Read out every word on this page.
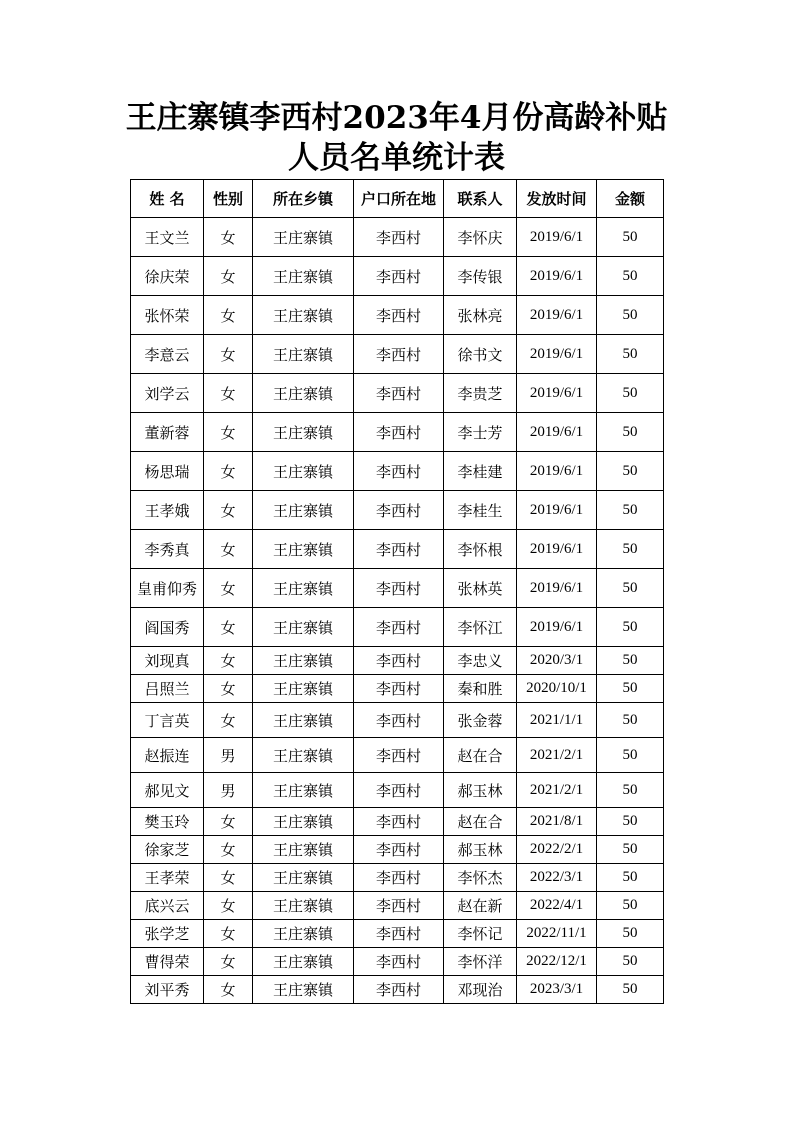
王庄寨镇李西村2023年4月份高龄补贴
人员名单统计表
姓 名	性别	所在乡镇	户口所在地	联系人	发放时间	金额
王文兰	女	王庄寨镇	李西村	李怀庆	2019/6/1	50
徐庆荣	女	王庄寨镇	李西村	李传银	2019/6/1	50
张怀荣	女	王庄寨镇	李西村	张林亮	2019/6/1	50
李意云	女	王庄寨镇	李西村	徐书文	2019/6/1	50
刘学云	女	王庄寨镇	李西村	李贵芝	2019/6/1	50
董新蓉	女	王庄寨镇	李西村	李士芳	2019/6/1	50
杨思瑞	女	王庄寨镇	李西村	李桂建	2019/6/1	50
王孝娥	女	王庄寨镇	李西村	李桂生	2019/6/1	50
李秀真	女	王庄寨镇	李西村	李怀根	2019/6/1	50
皇甫仰秀	女	王庄寨镇	李西村	张林英	2019/6/1	50
阎国秀	女	王庄寨镇	李西村	李怀江	2019/6/1	50
刘现真	女	王庄寨镇	李西村	李忠义	2020/3/1	50
吕照兰	女	王庄寨镇	李西村	秦和胜	2020/10/1	50
丁言英	女	王庄寨镇	李西村	张金蓉	2021/1/1	50
赵振连	男	王庄寨镇	李西村	赵在合	2021/2/1	50
郝见文	男	王庄寨镇	李西村	郝玉林	2021/2/1	50
樊玉玲	女	王庄寨镇	李西村	赵在合	2021/8/1	50
徐家芝	女	王庄寨镇	李西村	郝玉林	2022/2/1	50
王孝荣	女	王庄寨镇	李西村	李怀杰	2022/3/1	50
底兴云	女	王庄寨镇	李西村	赵在新	2022/4/1	50
张学芝	女	王庄寨镇	李西村	李怀记	2022/11/1	50
曹得荣	女	王庄寨镇	李西村	李怀洋	2022/12/1	50
刘平秀	女	王庄寨镇	李西村	邓现治	2023/3/1	50
